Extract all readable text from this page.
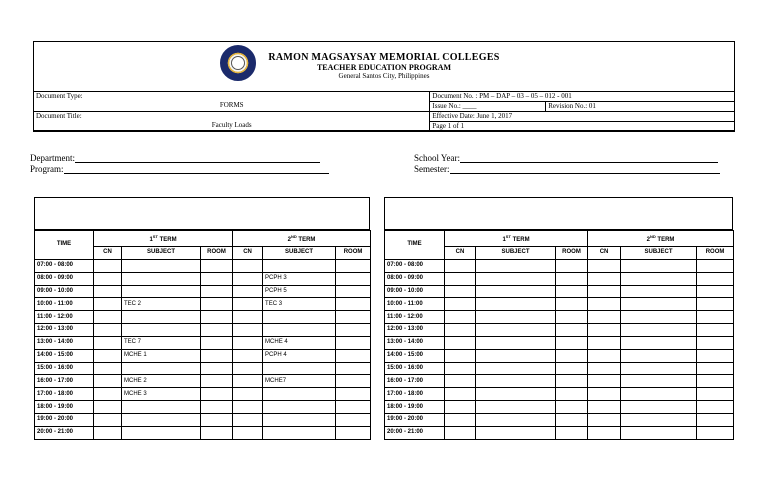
RAMON MAGSAYSAY MEMORIAL COLLEGES
TEACHER EDUCATION PROGRAM
General Santos City, Philippines
Document Type:
FORMS	Document No. : PM – DAP – 03 – 05 – 012 - 001	
	Issue No.: ____	Revision No.: 01
Document Title:
Faculty Loads	Effective Date: June 1, 2017	
	Page 1 of 1	
Department:
Program:
School Year:
Semester:
TIME	1ST TERM			2ND TERM		
	CN	SUBJECT	ROOM	CN	SUBJECT	ROOM
07:00 - 08:00						
08:00 - 09:00					PCPH 3	
09:00 - 10:00					PCPH 5	
10:00 - 11:00		TEC 2			TEC 3	
11:00 - 12:00						
12:00 - 13:00						
13:00 - 14:00		TEC 7			MCHE 4	
14:00 - 15:00		MCHE 1			PCPH 4	
15:00 - 16:00						
16:00 - 17:00		MCHE 2			MCHE7	
17:00 - 18:00		MCHE 3				
18:00 - 19:00						
19:00 - 20:00						
20:00 - 21:00						
TIME	1ST TERM			2ND TERM		
	CN	SUBJECT	ROOM	CN	SUBJECT	ROOM
07:00 - 08:00						
08:00 - 09:00						
09:00 - 10:00						
10:00 - 11:00						
11:00 - 12:00						
12:00 - 13:00						
13:00 - 14:00						
14:00 - 15:00						
15:00 - 16:00						
16:00 - 17:00						
17:00 - 18:00						
18:00 - 19:00						
19:00 - 20:00						
20:00 - 21:00						
